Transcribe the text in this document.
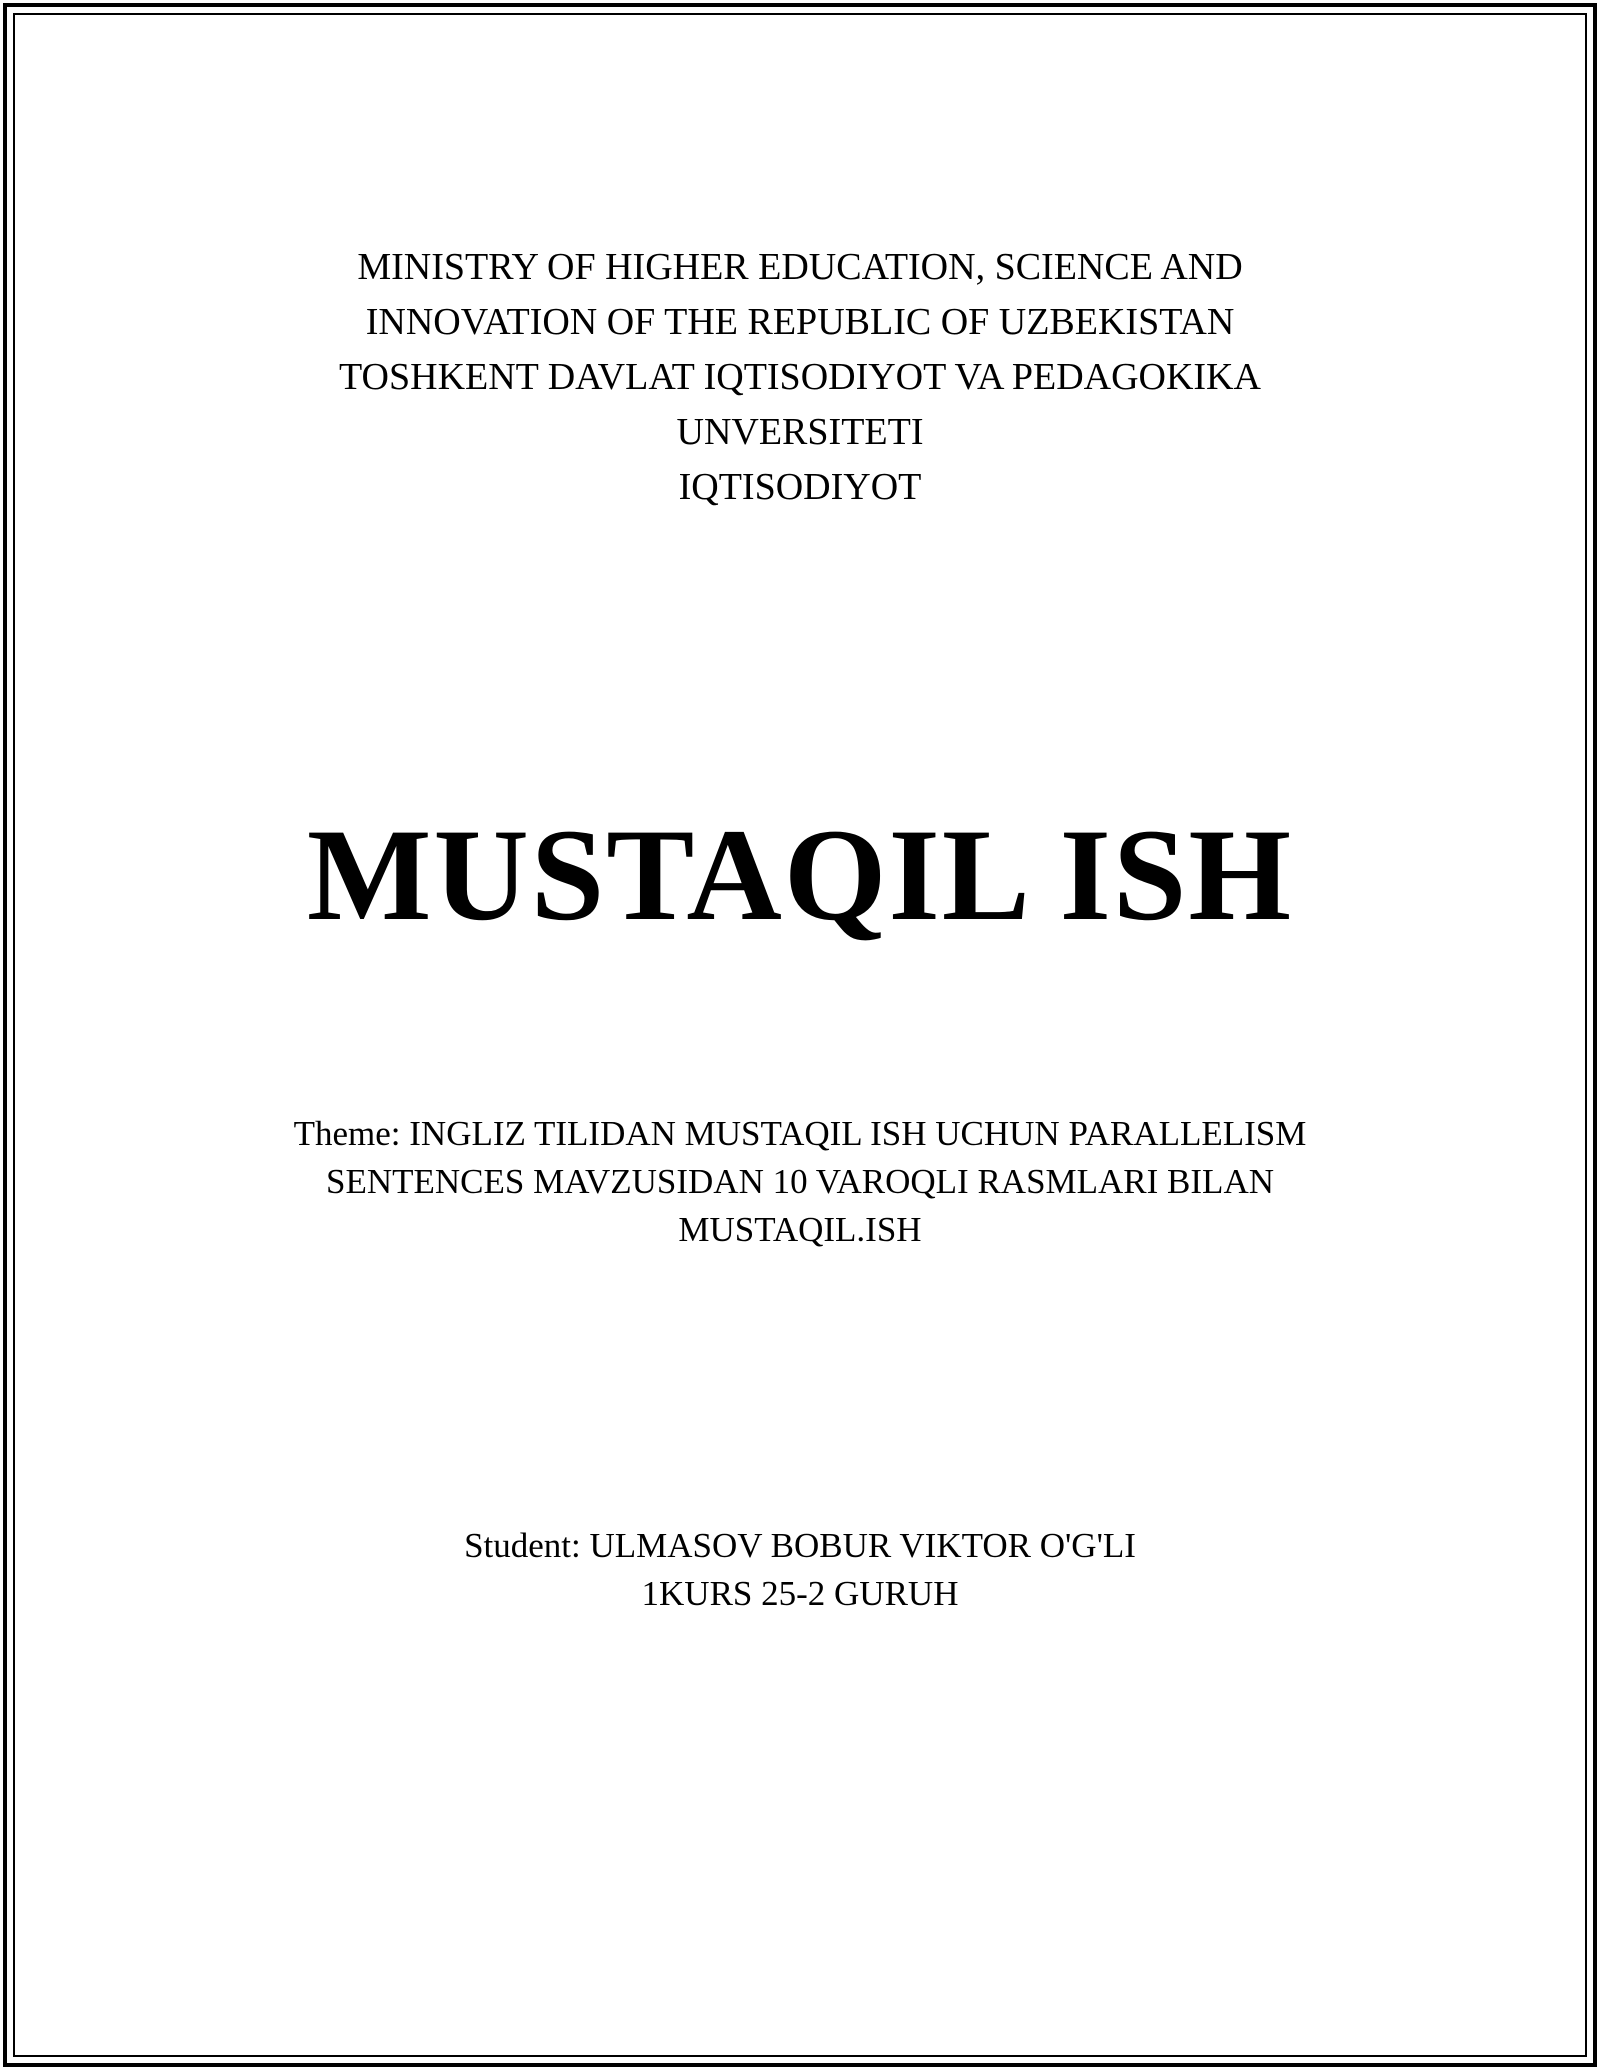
MINISTRY OF HIGHER EDUCATION, SCIENCE AND
INNOVATION OF THE REPUBLIC OF UZBEKISTAN
TOSHKENT DAVLAT IQTISODIYOT VA PEDAGOKIKA
UNVERSITETI
IQTISODIYOT
MUSTAQIL ISH
Theme: INGLIZ TILIDAN MUSTAQIL ISH UCHUN PARALLELISM
SENTENCES MAVZUSIDAN 10 VAROQLI RASMLARI BILAN
MUSTAQIL.ISH
Student: ULMASOV BOBUR VIKTOR O'G'LI
1KURS 25-2 GURUH
